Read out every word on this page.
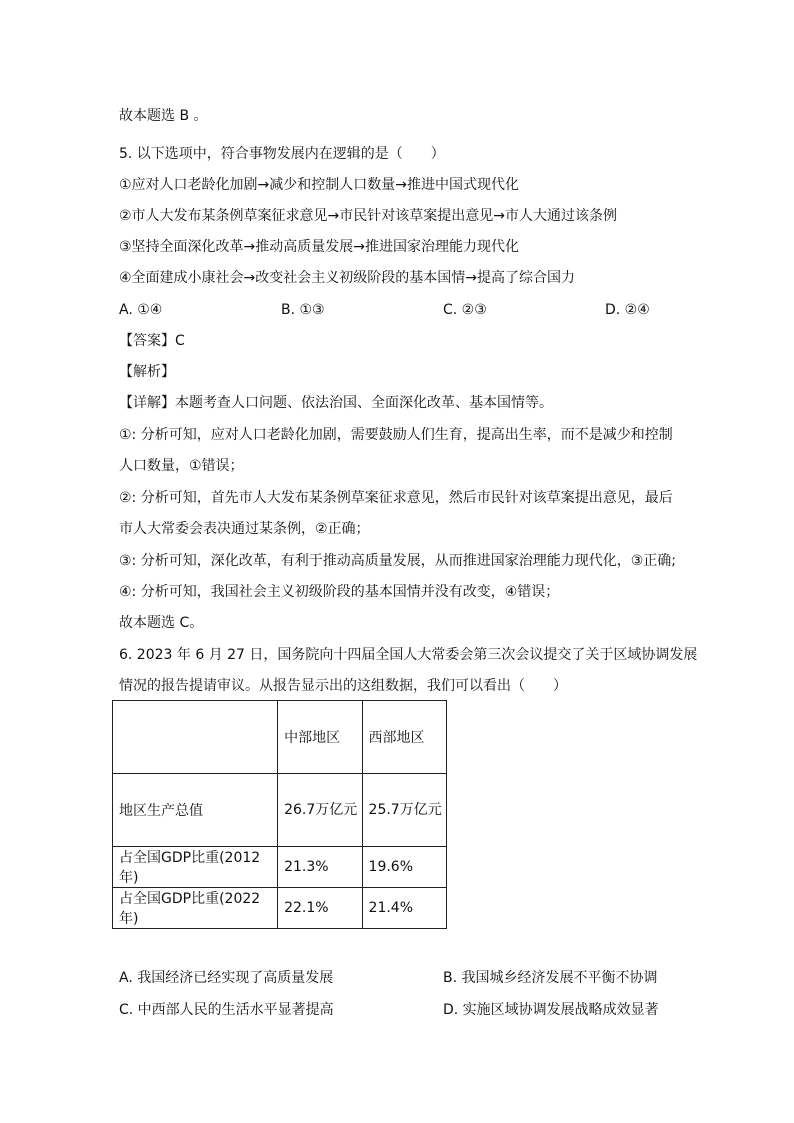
故本题选 B 。
5. 以下选项中，符合事物发展内在逻辑的是（　　）
①应对人口老龄化加剧→减少和控制人口数量→推进中国式现代化
②市人大发布某条例草案征求意见→市民针对该草案提出意见→市人大通过该条例
③坚持全面深化改革→推动高质量发展→推进国家治理能力现代化
④全面建成小康社会→改变社会主义初级阶段的基本国情→提高了综合国力
A. ①④	B. ①③	C. ②③	D. ②④
【答案】C
【解析】
【详解】本题考查人口问题、依法治国、全面深化改革、基本国情等。
①: 分析可知，应对人口老龄化加剧，需要鼓励人们生育，提高出生率，而不是减少和控制
人口数量，①错误；
②: 分析可知，首先市人大发布某条例草案征求意见，然后市民针对该草案提出意见，最后
市人大常委会表决通过某条例，②正确；
③: 分析可知，深化改革，有利于推动高质量发展，从而推进国家治理能力现代化，③正确;
④: 分析可知，我国社会主义初级阶段的基本国情并没有改变，④错误；
故本题选 C。
6. 2023 年 6 月 27 日，国务院向十四届全国人大常委会第三次会议提交了关于区域协调发展
情况的报告提请审议。从报告显示出的这组数据，我们可以看出（　　）
	中部地区	西部地区
地区生产总值	26.7万亿元	25.7万亿元
占全国GDP比重(2012年)	21.3%	19.6%
占全国GDP比重(2022年)	22.1%	21.4%
A. 我国经济已经实现了高质量发展	B. 我国城乡经济发展不平衡不协调
C. 中西部人民的生活水平显著提高	D. 实施区域协调发展战略成效显著
